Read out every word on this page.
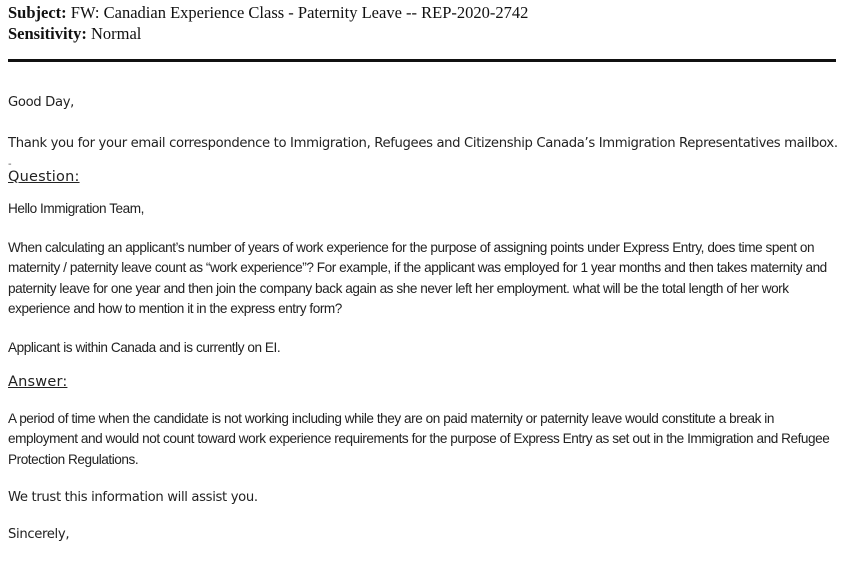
Subject: FW: Canadian Experience Class - Paternity Leave -- REP-2020-2742
Sensitivity: Normal

Good Day,

Thank you for your email correspondence to Immigration, Refugees and Citizenship Canada’s Immigration Representatives mailbox.

-

Question:

Hello Immigration Team,

When calculating an applicant’s number of years of work experience for the purpose of assigning points under Express Entry, does time spent on maternity / paternity leave count as “work experience”? For example, if the applicant was employed for 1 year months and then takes maternity and paternity leave for one year and then join the company back again as she never left her employment. what will be the total length of her work experience and how to mention it in the express entry form?

Applicant is within Canada and is currently on EI.

Answer:

A period of time when the candidate is not working including while they are on paid maternity or paternity leave would constitute a break in employment and would not count toward work experience requirements for the purpose of Express Entry as set out in the Immigration and Refugee Protection Regulations.

We trust this information will assist you.

Sincerely,
